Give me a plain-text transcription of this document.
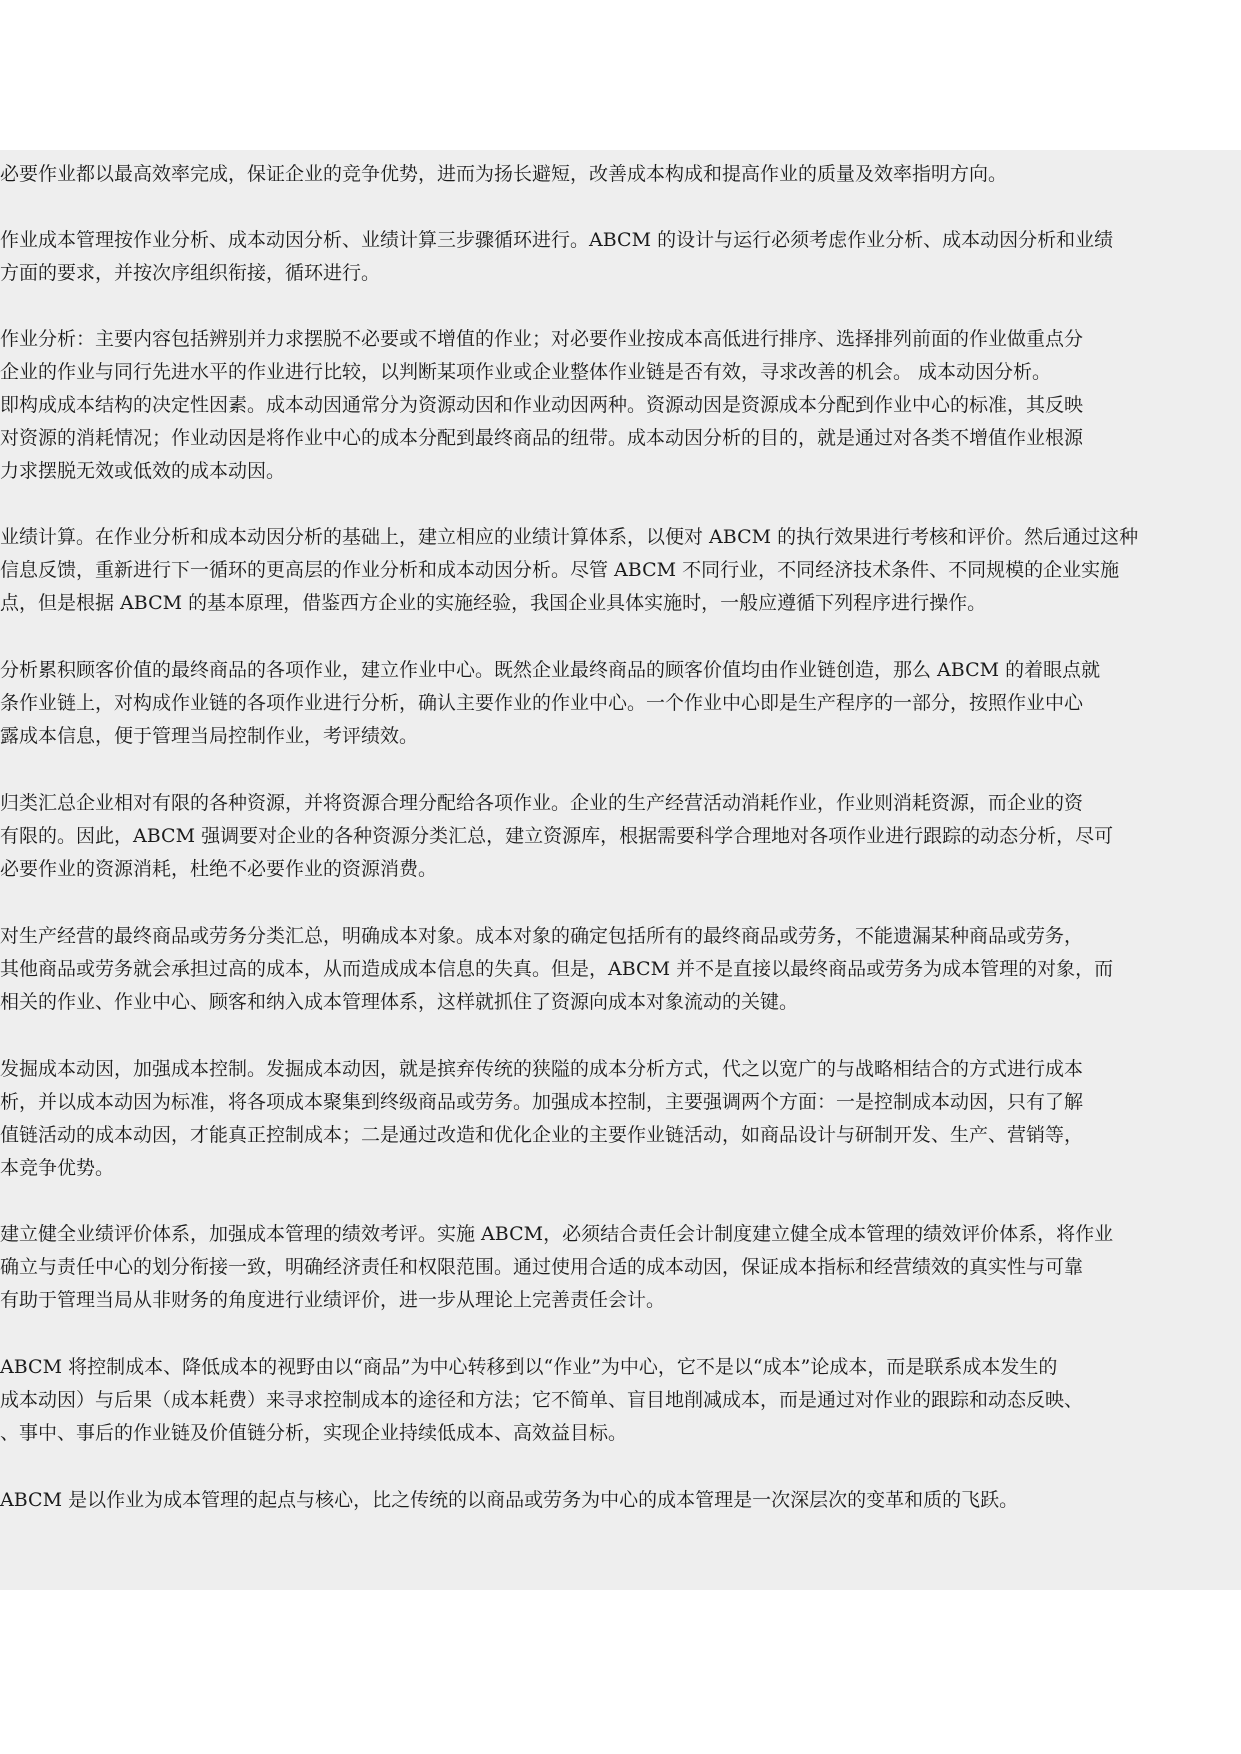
必要作业都以最高效率完成，保证企业的竞争优势，进而为扬长避短，改善成本构成和提高作业的质量及效率指明方向。
作业成本管理按作业分析、成本动因分析、业绩计算三步骤循环进行。ABCM 的设计与运行必须考虑作业分析、成本动因分析和业绩
方面的要求，并按次序组织衔接，循环进行。
作业分析：主要内容包括辨别并力求摆脱不必要或不增值的作业；对必要作业按成本高低进行排序、选择排列前面的作业做重点分
企业的作业与同行先进水平的作业进行比较，以判断某项作业或企业整体作业链是否有效，寻求改善的机会。 成本动因分析。
即构成成本结构的决定性因素。成本动因通常分为资源动因和作业动因两种。资源动因是资源成本分配到作业中心的标准，其反映
对资源的消耗情况；作业动因是将作业中心的成本分配到最终商品的纽带。成本动因分析的目的，就是通过对各类不增值作业根源
力求摆脱无效或低效的成本动因。
业绩计算。在作业分析和成本动因分析的基础上，建立相应的业绩计算体系，以便对 ABCM 的执行效果进行考核和评价。然后通过这种
信息反馈，重新进行下一循环的更高层的作业分析和成本动因分析。尽管 ABCM 不同行业，不同经济技术条件、不同规模的企业实施
点，但是根据 ABCM 的基本原理，借鉴西方企业的实施经验，我国企业具体实施时，一般应遵循下列程序进行操作。
分析累积顾客价值的最终商品的各项作业，建立作业中心。既然企业最终商品的顾客价值均由作业链创造，那么 ABCM 的着眼点就
条作业链上，对构成作业链的各项作业进行分析，确认主要作业的作业中心。一个作业中心即是生产程序的一部分，按照作业中心
露成本信息，便于管理当局控制作业，考评绩效。
归类汇总企业相对有限的各种资源，并将资源合理分配给各项作业。企业的生产经营活动消耗作业，作业则消耗资源，而企业的资
有限的。因此，ABCM 强调要对企业的各种资源分类汇总，建立资源库，根据需要科学合理地对各项作业进行跟踪的动态分析，尽可
必要作业的资源消耗，杜绝不必要作业的资源消费。
对生产经营的最终商品或劳务分类汇总，明确成本对象。成本对象的确定包括所有的最终商品或劳务，不能遗漏某种商品或劳务，
其他商品或劳务就会承担过高的成本，从而造成成本信息的失真。但是，ABCM 并不是直接以最终商品或劳务为成本管理的对象，而
相关的作业、作业中心、顾客和纳入成本管理体系，这样就抓住了资源向成本对象流动的关键。
发掘成本动因，加强成本控制。发掘成本动因，就是摈弃传统的狭隘的成本分析方式，代之以宽广的与战略相结合的方式进行成本
析，并以成本动因为标准，将各项成本聚集到终级商品或劳务。加强成本控制，主要强调两个方面：一是控制成本动因，只有了解
值链活动的成本动因，才能真正控制成本；二是通过改造和优化企业的主要作业链活动，如商品设计与研制开发、生产、营销等，
本竞争优势。
建立健全业绩评价体系，加强成本管理的绩效考评。实施 ABCM，必须结合责任会计制度建立健全成本管理的绩效评价体系，将作业
确立与责任中心的划分衔接一致，明确经济责任和权限范围。通过使用合适的成本动因，保证成本指标和经营绩效的真实性与可靠
有助于管理当局从非财务的角度进行业绩评价，进一步从理论上完善责任会计。
ABCM 将控制成本、降低成本的视野由以“商品”为中心转移到以“作业”为中心，它不是以“成本”论成本，而是联系成本发生的
成本动因）与后果（成本耗费）来寻求控制成本的途径和方法；它不简单、盲目地削减成本，而是通过对作业的跟踪和动态反映、
、事中、事后的作业链及价值链分析，实现企业持续低成本、高效益目标。
ABCM 是以作业为成本管理的起点与核心，比之传统的以商品或劳务为中心的成本管理是一次深层次的变革和质的飞跃。
